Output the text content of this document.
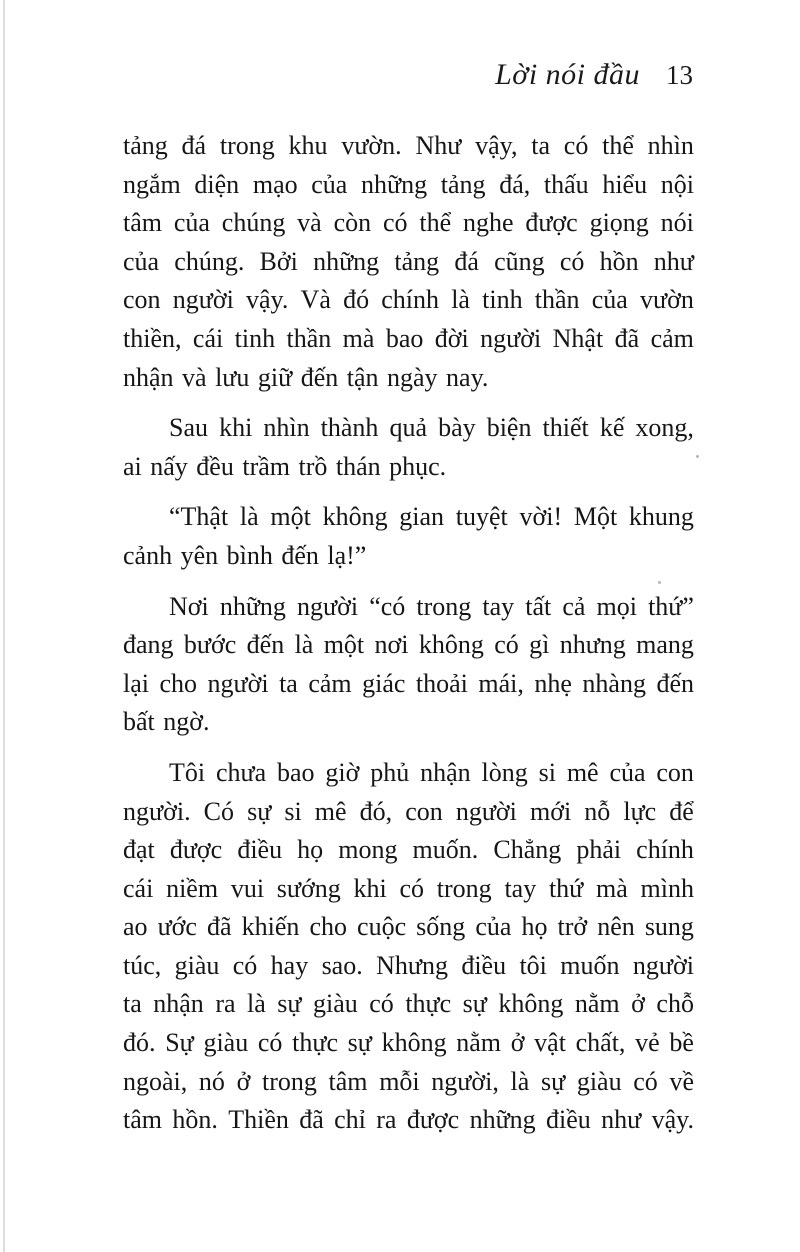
Lời nói đầu 13
tảng đá trong khu vườn. Như vậy, ta có thể nhìn
ngắm diện mạo của những tảng đá, thấu hiểu nội
tâm của chúng và còn có thể nghe được giọng nói
của chúng. Bởi những tảng đá cũng có hồn như
con người vậy. Và đó chính là tinh thần của vườn
thiền, cái tinh thần mà bao đời người Nhật đã cảm
nhận và lưu giữ đến tận ngày nay.
Sau khi nhìn thành quả bày biện thiết kế xong,
ai nấy đều trầm trồ thán phục.
“Thật là một không gian tuyệt vời! Một khung
cảnh yên bình đến lạ!”
Nơi những người “có trong tay tất cả mọi thứ”
đang bước đến là một nơi không có gì nhưng mang
lại cho người ta cảm giác thoải mái, nhẹ nhàng đến
bất ngờ.
Tôi chưa bao giờ phủ nhận lòng si mê của con
người. Có sự si mê đó, con người mới nỗ lực để
đạt được điều họ mong muốn. Chẳng phải chính
cái niềm vui sướng khi có trong tay thứ mà mình
ao ước đã khiến cho cuộc sống của họ trở nên sung
túc, giàu có hay sao. Nhưng điều tôi muốn người
ta nhận ra là sự giàu có thực sự không nằm ở chỗ
đó. Sự giàu có thực sự không nằm ở vật chất, vẻ bề
ngoài, nó ở trong tâm mỗi người, là sự giàu có về
tâm hồn. Thiền đã chỉ ra được những điều như vậy.
